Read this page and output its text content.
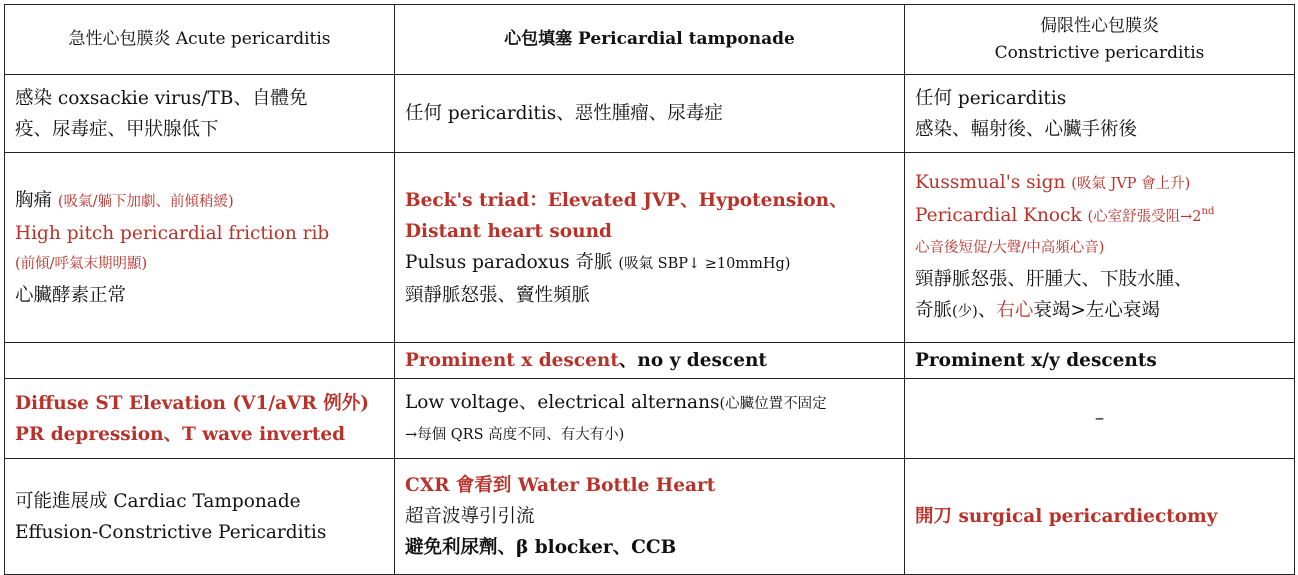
急性心包膜炎 Acute pericarditis	心包填塞 Pericardial tamponade	侷限性心包膜炎
Constrictive pericarditis

感染 coxsackie virus/TB、自體免
疫、尿毒症、甲狀腺低下	任何 pericarditis、惡性腫瘤、尿毒症	任何 pericarditis
感染、輻射後、心臟手術後

胸痛 (吸氣/躺下加劇、前傾稍緩)
High pitch pericardial friction rib
(前傾/呼氣末期明顯)
心臟酵素正常	Beck's triad：Elevated JVP、Hypotension、
Distant heart sound
Pulsus paradoxus 奇脈 (吸氣 SBP↓ ≥10mmHg)
頸靜脈怒張、竇性頻脈	Kussmual's sign (吸氣 JVP 會上升)
Pericardial Knock (心室舒張受阻→2nd
心音後短促/大聲/中高頻心音)
頸靜脈怒張、肝腫大、下肢水腫、
奇脈(少)、右心衰竭>左心衰竭

	Prominent x descent、no y descent	Prominent x/y descents

Diffuse ST Elevation (V1/aVR 例外)
PR depression、T wave inverted	Low voltage、electrical alternans(心臟位置不固定
→每個 QRS 高度不同、有大有小)	–

可能進展成 Cardiac Tamponade
Effusion-Constrictive Pericarditis	CXR 會看到 Water Bottle Heart
超音波導引引流
避免利尿劑、β blocker、CCB	開刀 surgical pericardiectomy
